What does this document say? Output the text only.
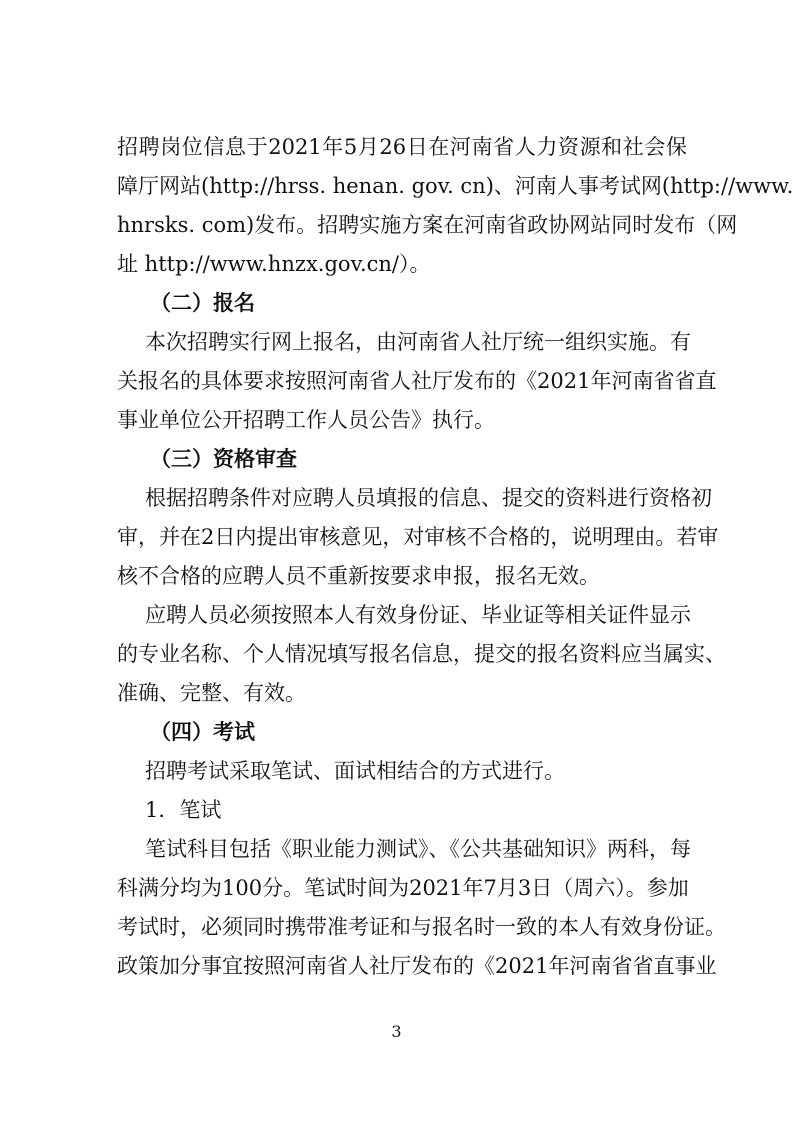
招聘岗位信息于2021年5月26日在河南省人力资源和社会保
障厅网站(http://hrss. henan. gov. cn)、河南人事考试网(http://www.
hnrsks. com)发布。招聘实施方案在河南省政协网站同时发布（网
址 http://www.hnzx.gov.cn/）。
（二）报名
本次招聘实行网上报名，由河南省人社厅统一组织实施。有
关报名的具体要求按照河南省人社厅发布的《2021年河南省省直
事业单位公开招聘工作人员公告》执行。
（三）资格审查
根据招聘条件对应聘人员填报的信息、提交的资料进行资格初
审，并在2日内提出审核意见，对审核不合格的，说明理由。若审
核不合格的应聘人员不重新按要求申报，报名无效。
应聘人员必须按照本人有效身份证、毕业证等相关证件显示
的专业名称、个人情况填写报名信息，提交的报名资料应当属实、
准确、完整、有效。
（四）考试
招聘考试采取笔试、面试相结合的方式进行。
1．笔试
笔试科目包括《职业能力测试》、《公共基础知识》两科，每
科满分均为100分。笔试时间为2021年7月3日（周六）。参加
考试时，必须同时携带准考证和与报名时一致的本人有效身份证。
政策加分事宜按照河南省人社厅发布的《2021年河南省省直事业
3
